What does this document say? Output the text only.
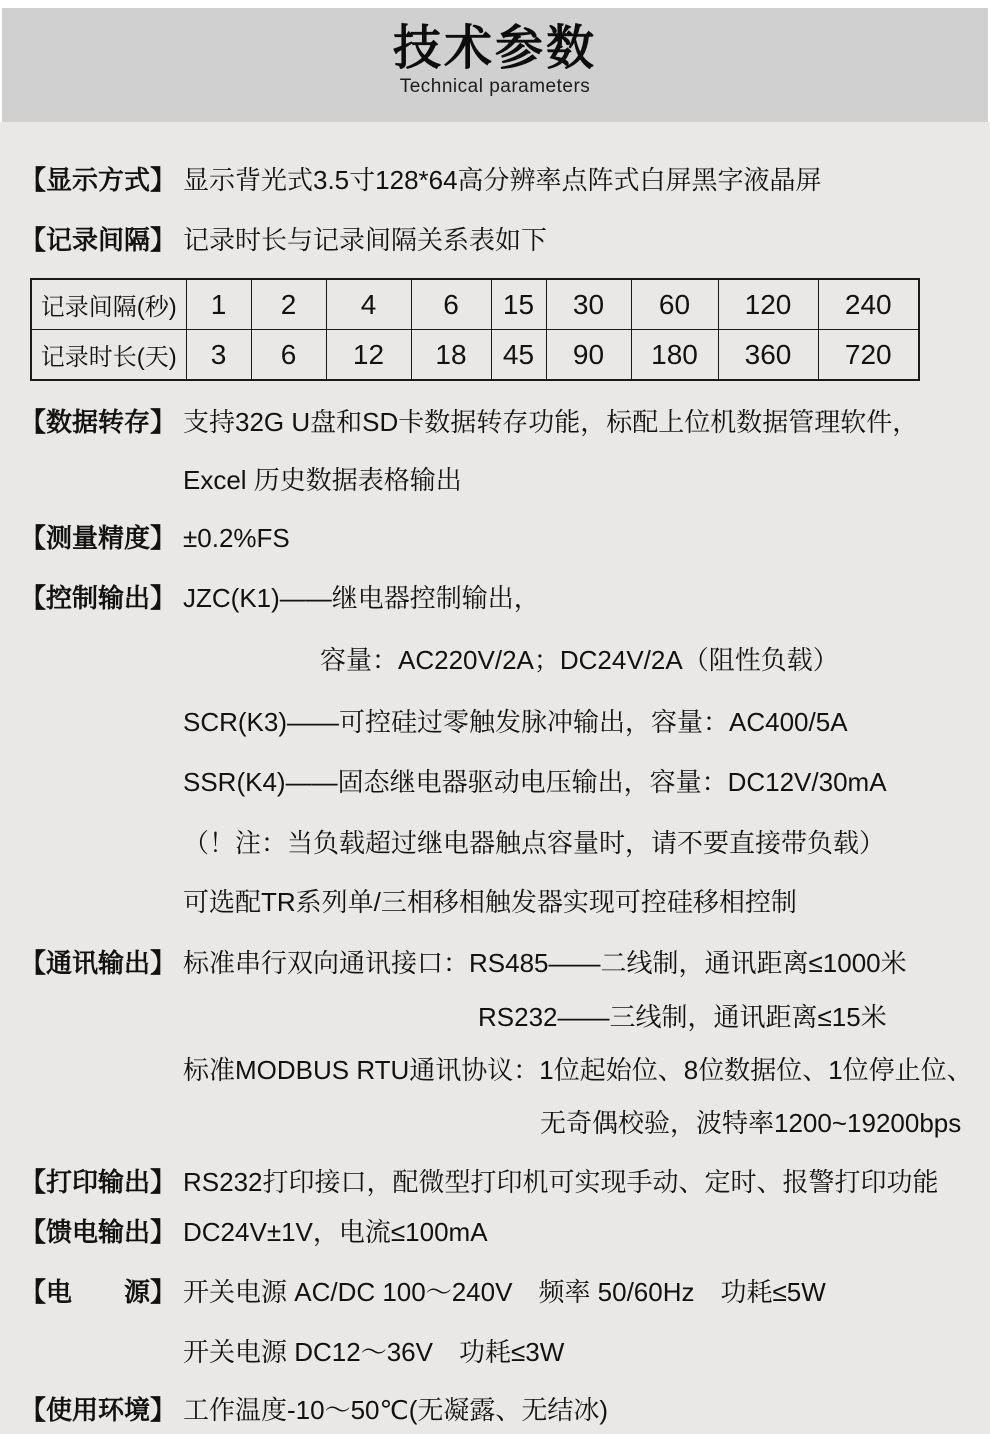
技术参数
Technical parameters
【显示方式】 显示背光式3.5寸128*64高分辨率点阵式白屏黑字液晶屏
【记录间隔】 记录时长与记录间隔关系表如下
记录间隔(秒)	1	2	4	6	15	30	60	120	240
记录时长(天)	3	6	12	18	45	90	180	360	720
【数据转存】 支持32G U盘和SD卡数据转存功能，标配上位机数据管理软件，
Excel 历史数据表格输出
【测量精度】 ±0.2%FS
【控制输出】 JZC(K1)——继电器控制输出，
容量：AC220V/2A；DC24V/2A（阻性负载）
SCR(K3)——可控硅过零触发脉冲输出，容量：AC400/5A
SSR(K4)——固态继电器驱动电压输出，容量：DC12V/30mA
（！注：当负载超过继电器触点容量时，请不要直接带负载）
可选配TR系列单/三相移相触发器实现可控硅移相控制
【通讯输出】 标准串行双向通讯接口：RS485——二线制，通讯距离≤1000米
RS232——三线制，通讯距离≤15米
标准MODBUS RTU通讯协议：1位起始位、8位数据位、1位停止位、
无奇偶校验，波特率1200~19200bps
【打印输出】 RS232打印接口，配微型打印机可实现手动、定时、报警打印功能
【馈电输出】 DC24V±1V，电流≤100mA
【电　　源】 开关电源 AC/DC 100～240V　频率 50/60Hz　功耗≤5W
开关电源 DC12～36V　功耗≤3W
【使用环境】 工作温度-10～50℃(无凝露、无结冰)
